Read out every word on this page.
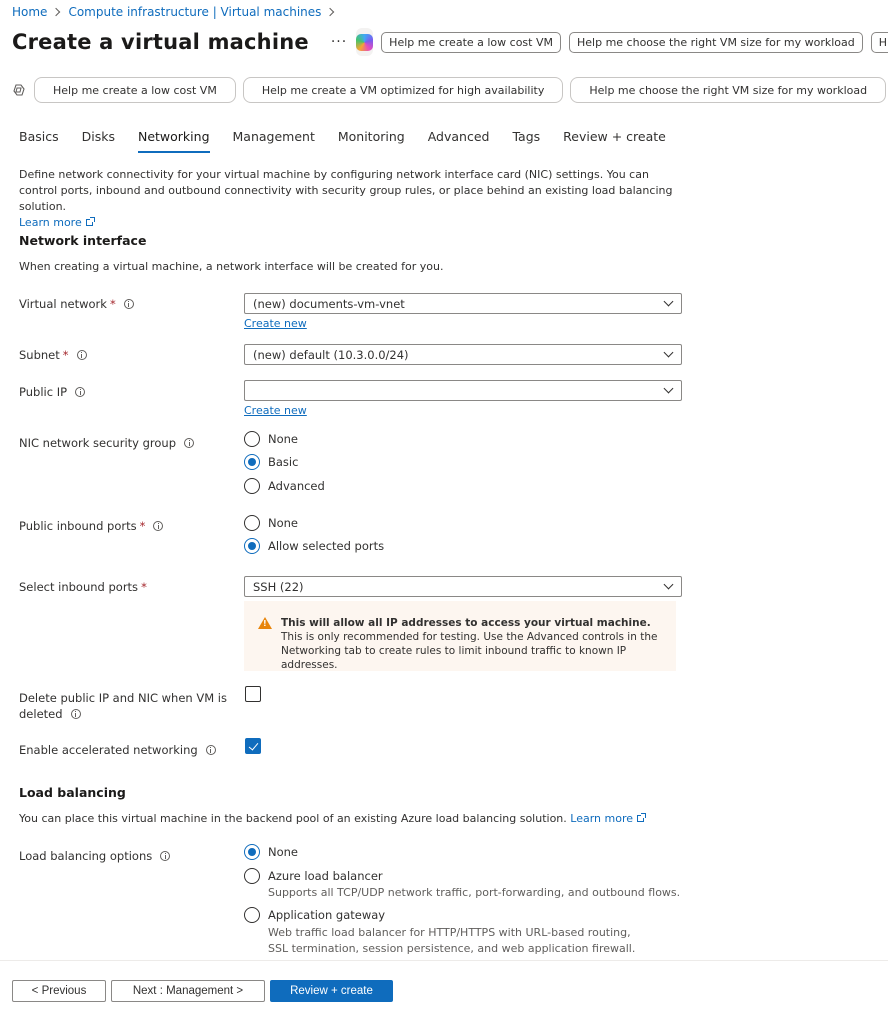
Home Compute infrastructure | Virtual machines
Create a virtual machine ···	Help me create a low cost VM	Help me choose the right VM size for my workload	H
Help me create a low cost VM	Help me create a VM optimized for high availability	Help me choose the right VM size for my workload
Basics Disks Networking Management Monitoring Advanced Tags Review + create
Define network connectivity for your virtual machine by configuring network interface card (NIC) settings. You can control ports, inbound and outbound connectivity with security group rules, or place behind an existing load balancing solution.
Learn more
Network interface
When creating a virtual machine, a network interface will be created for you.
Virtual network *	(new) documents-vm-vnet
Create new
Subnet *	(new) default (10.3.0.0/24)
Public IP
Create new
NIC network security group	None
Basic
Advanced
Public inbound ports *	None
Allow selected ports
Select inbound ports *	SSH (22)
!
This will allow all IP addresses to access your virtual machine.  This is only recommended for testing. Use the Advanced controls in the Networking tab to create rules to limit inbound traffic to known IP addresses.
Delete public IP and NIC when VM is
deleted
Enable accelerated networking
Load balancing
You can place this virtual machine in the backend pool of an existing Azure load balancing solution. Learn more
Load balancing options	None
Azure load balancer
Supports all TCP/UDP network traffic, port-forwarding, and outbound flows.
Application gateway
Web traffic load balancer for HTTP/HTTPS with URL-based routing, SSL termination, session persistence, and web application firewall.
< Previous	Next : Management >	Review + create
